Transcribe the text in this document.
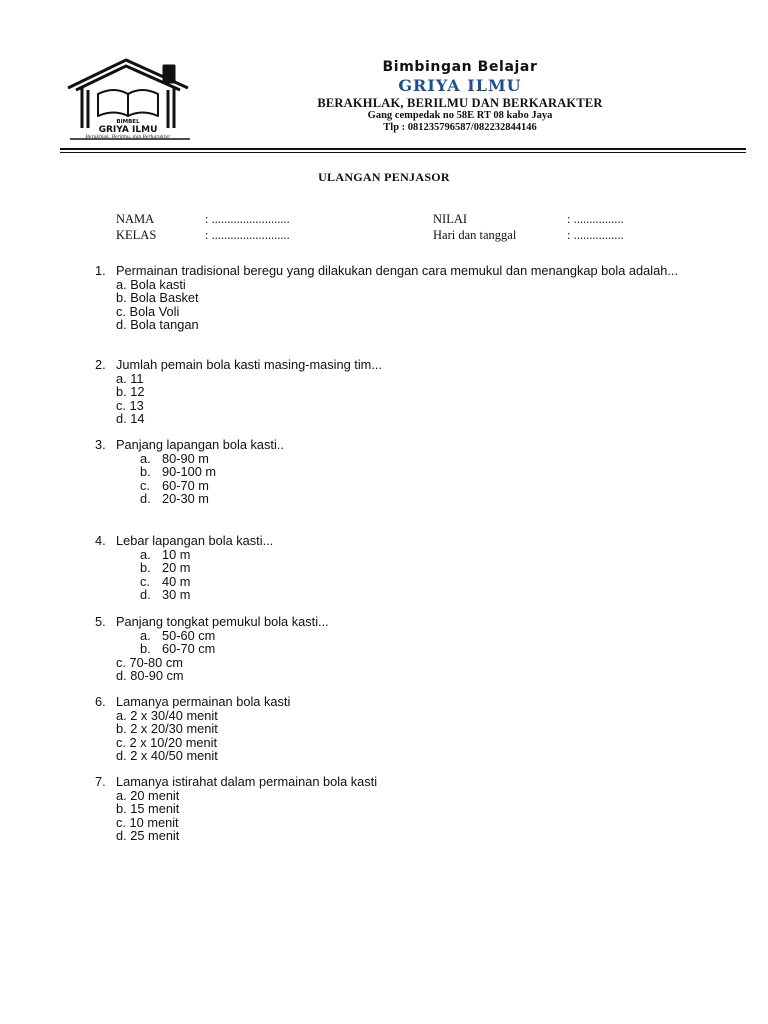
BIMBEL
GRIYA ILMU
Berakhlak, Berilmu, dan Berkarakter
Bimbingan Belajar
GRIYA ILMU
BERAKHLAK, BERILMU DAN BERKARAKTER
Gang cempedak no 58E RT 08 kabo Jaya
Tlp : 081235796587/082232844146
ULANGAN PENJASOR
NAMA	: .........................
KELAS	: .........................
NILAI	: ................
Hari dan tanggal	: ................
1. Permainan tradisional beregu yang dilakukan dengan cara memukul dan menangkap bola adalah...
a. Bola kasti
b. Bola Basket
c. Bola Voli
d. Bola tangan
2. Jumlah pemain bola kasti masing-masing tim...
a. 11
b. 12
c. 13
d. 14
3. Panjang lapangan bola kasti..
a. 80-90 m
b. 90-100 m
c. 60-70 m
d. 20-30 m
4. Lebar lapangan bola kasti...
a. 10 m
b. 20 m
c. 40 m
d. 30 m
5. Panjang tongkat pemukul bola kasti...
a. 50-60 cm
b. 60-70 cm
c. 70-80 cm
d. 80-90 cm
6. Lamanya permainan bola kasti
a. 2 x 30/40 menit
b. 2 x 20/30 menit
c. 2 x 10/20 menit
d. 2 x 40/50 menit
7. Lamanya istirahat dalam permainan bola kasti
a. 20 menit
b. 15 menit
c. 10 menit
d. 25 menit
